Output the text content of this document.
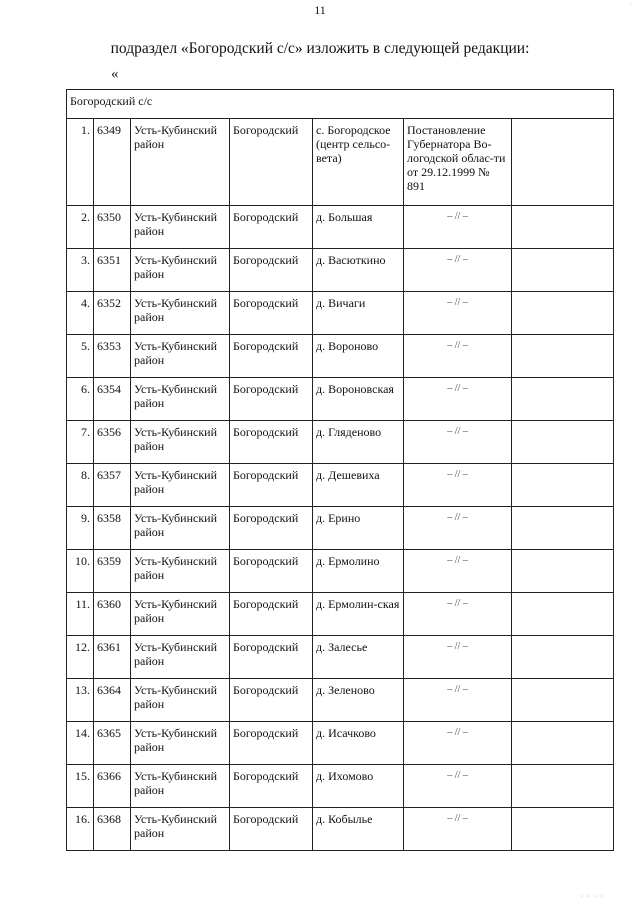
11	·
подраздел «Богородский с/с» изложить в следующей редакции:
«
Богородский с/с						
1.	6349	Усть-Кубинский район	Богородский	с. Богородское (центр сельсо-вета)	Постановление Губернатора Во-логодской облас-ти от 29.12.1999 № 891	
2.	6350	Усть-Кубинский район	Богородский	д. Большая	– // –	
3.	6351	Усть-Кубинский район	Богородский	д. Васюткино	– // –	
4.	6352	Усть-Кубинский район	Богородский	д. Вичаги	– // –	
5.	6353	Усть-Кубинский район	Богородский	д. Вороново	– // –	
6.	6354	Усть-Кубинский район	Богородский	д. Вороновская	– // –	
7.	6356	Усть-Кубинский район	Богородский	д. Гляденово	– // –	
8.	6357	Усть-Кубинский район	Богородский	д. Дешевиха	– // –	
9.	6358	Усть-Кубинский район	Богородский	д. Ерино	– // –	
10.	6359	Усть-Кубинский район	Богородский	д. Ермолино	– // –	
11.	6360	Усть-Кубинский район	Богородский	д. Ермолин-ская	– // –	
12.	6361	Усть-Кубинский район	Богородский	д. Залесье	– // –	
13.	6364	Усть-Кубинский район	Богородский	д. Зеленово	– // –	
14.	6365	Усть-Кубинский район	Богородский	д. Исачково	– // –	
15.	6366	Усть-Кубинский район	Богородский	д. Ихомово	– // –	
16.	6368	Усть-Кубинский район	Богородский	д. Кобылье	– // –	
· · · ·
